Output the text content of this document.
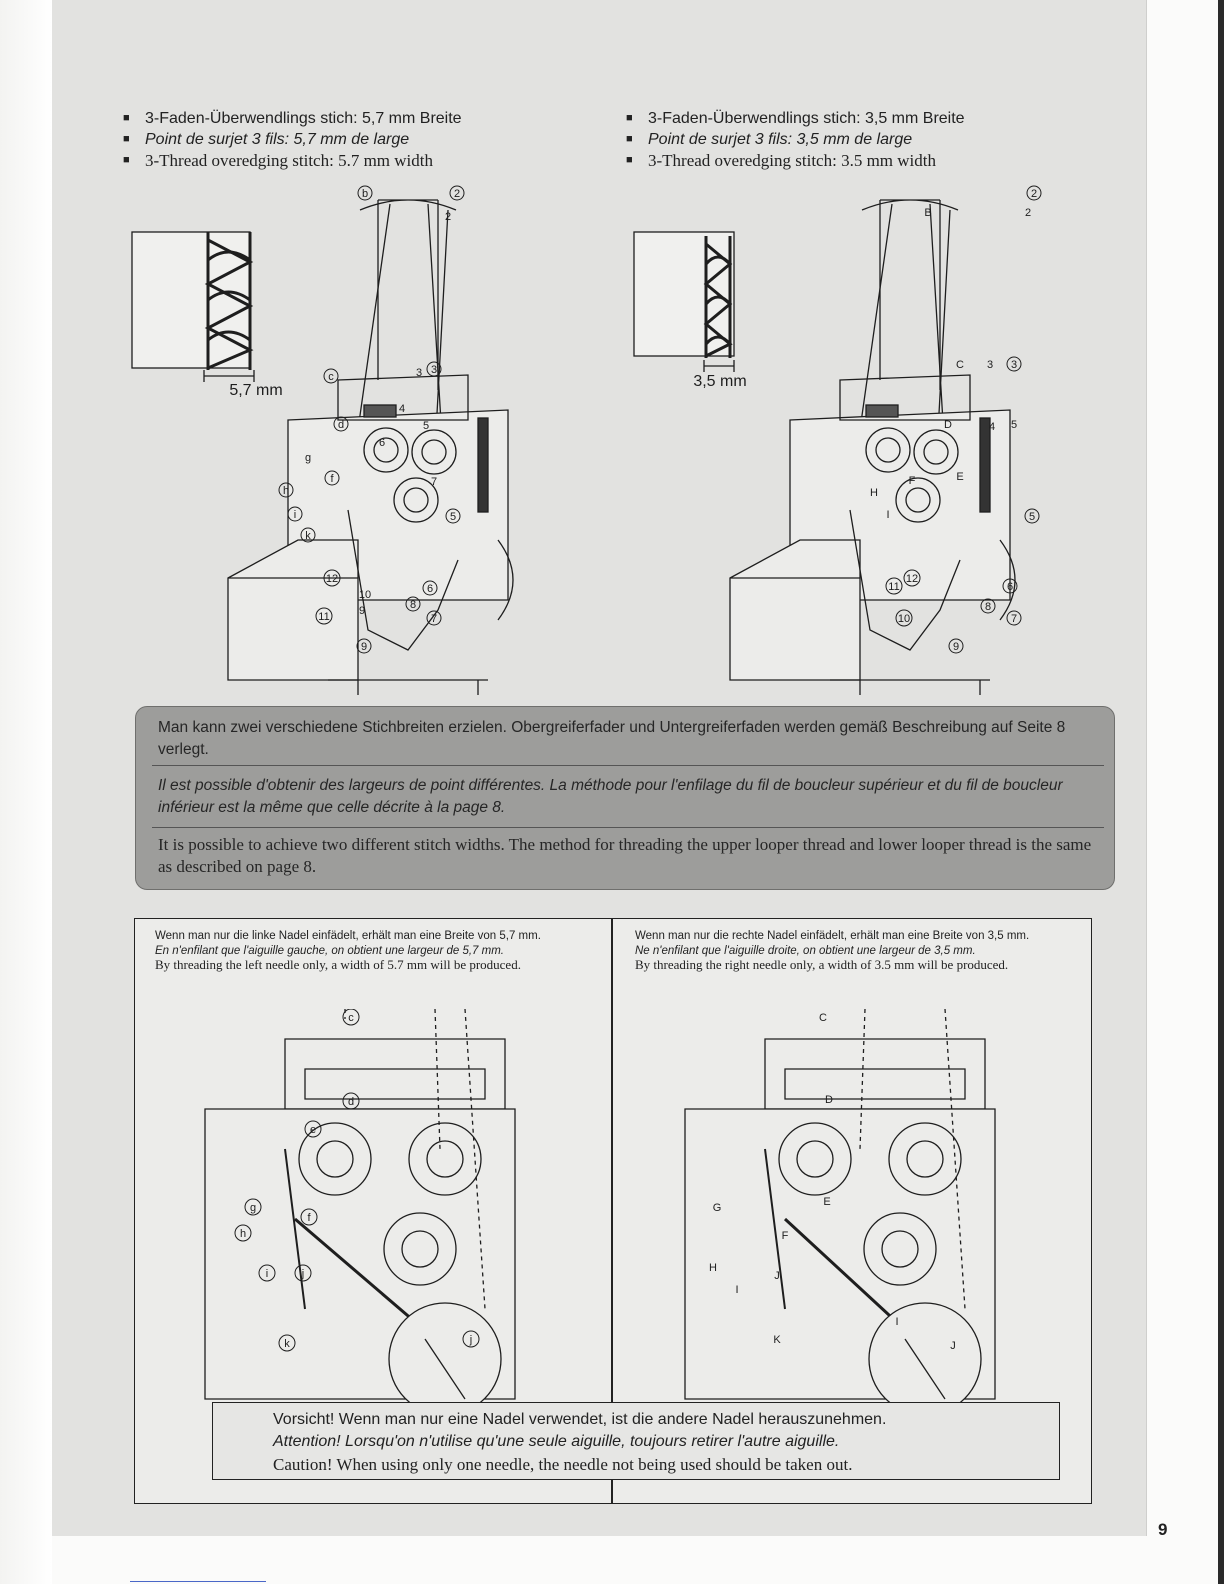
■ 3-Faden-Überwendlings stich: 5,7 mm Breite
■ Point de surjet 3 fils: 5,7 mm de large
■ 3-Thread overedging stitch: 5.7 mm width
■ 3-Faden-Überwendlings stich: 3,5 mm Breite
■ Point de surjet 3 fils: 3,5 mm de large
■ 3-Thread overedging stitch: 3.5 mm width
b	2
2
c	3 3
d
4
5
6
g
f
h
7
i	5
k
12
6
10
8
9
11	7
9
5,7 mm
B
2
2
C 3 3
D	4 5
E
F
H
5
I
12
6
11
10
8
7
9
3,5 mm
Man kann zwei verschiedene Stichbreiten erzielen. Obergreiferfader und Untergreiferfaden werden gemäß Beschreibung auf Seite 8 verlegt.
Il est possible d'obtenir des largeurs de point différentes. La méthode pour l'enfilage du fil de boucleur supérieur et du fil de boucleur inférieur est la même que celle décrite à la page 8.
It is possible to achieve two different stitch widths. The method for threading the upper looper thread and lower looper thread is the same as described on page 8.
Wenn man nur die linke Nadel einfädelt, erhält man eine Breite von 5,7 mm.
En n'enfilant que l'aiguille gauche, on obtient une largeur de 5,7 mm.
By threading the left needle only, a width of 5.7 mm will be produced.
Wenn man nur die rechte Nadel einfädelt, erhält man eine Breite von 3,5 mm.
Ne n'enfilant que l'aiguille droite, on obtient une largeur de 3,5 mm.
By threading the right needle only, a width of 3.5 mm will be produced.
c
d
e
g
f
h
i	j
k	j
C
D
G	E
F
H
J
I
K
I
J
Vorsicht! Wenn man nur eine Nadel verwendet, ist die andere Nadel herauszunehmen.
Attention! Lorsqu'on n'utilise qu'une seule aiguille, toujours retirer l'autre aiguille.
Caution! When using only one needle, the needle not being used should be taken out.
9
